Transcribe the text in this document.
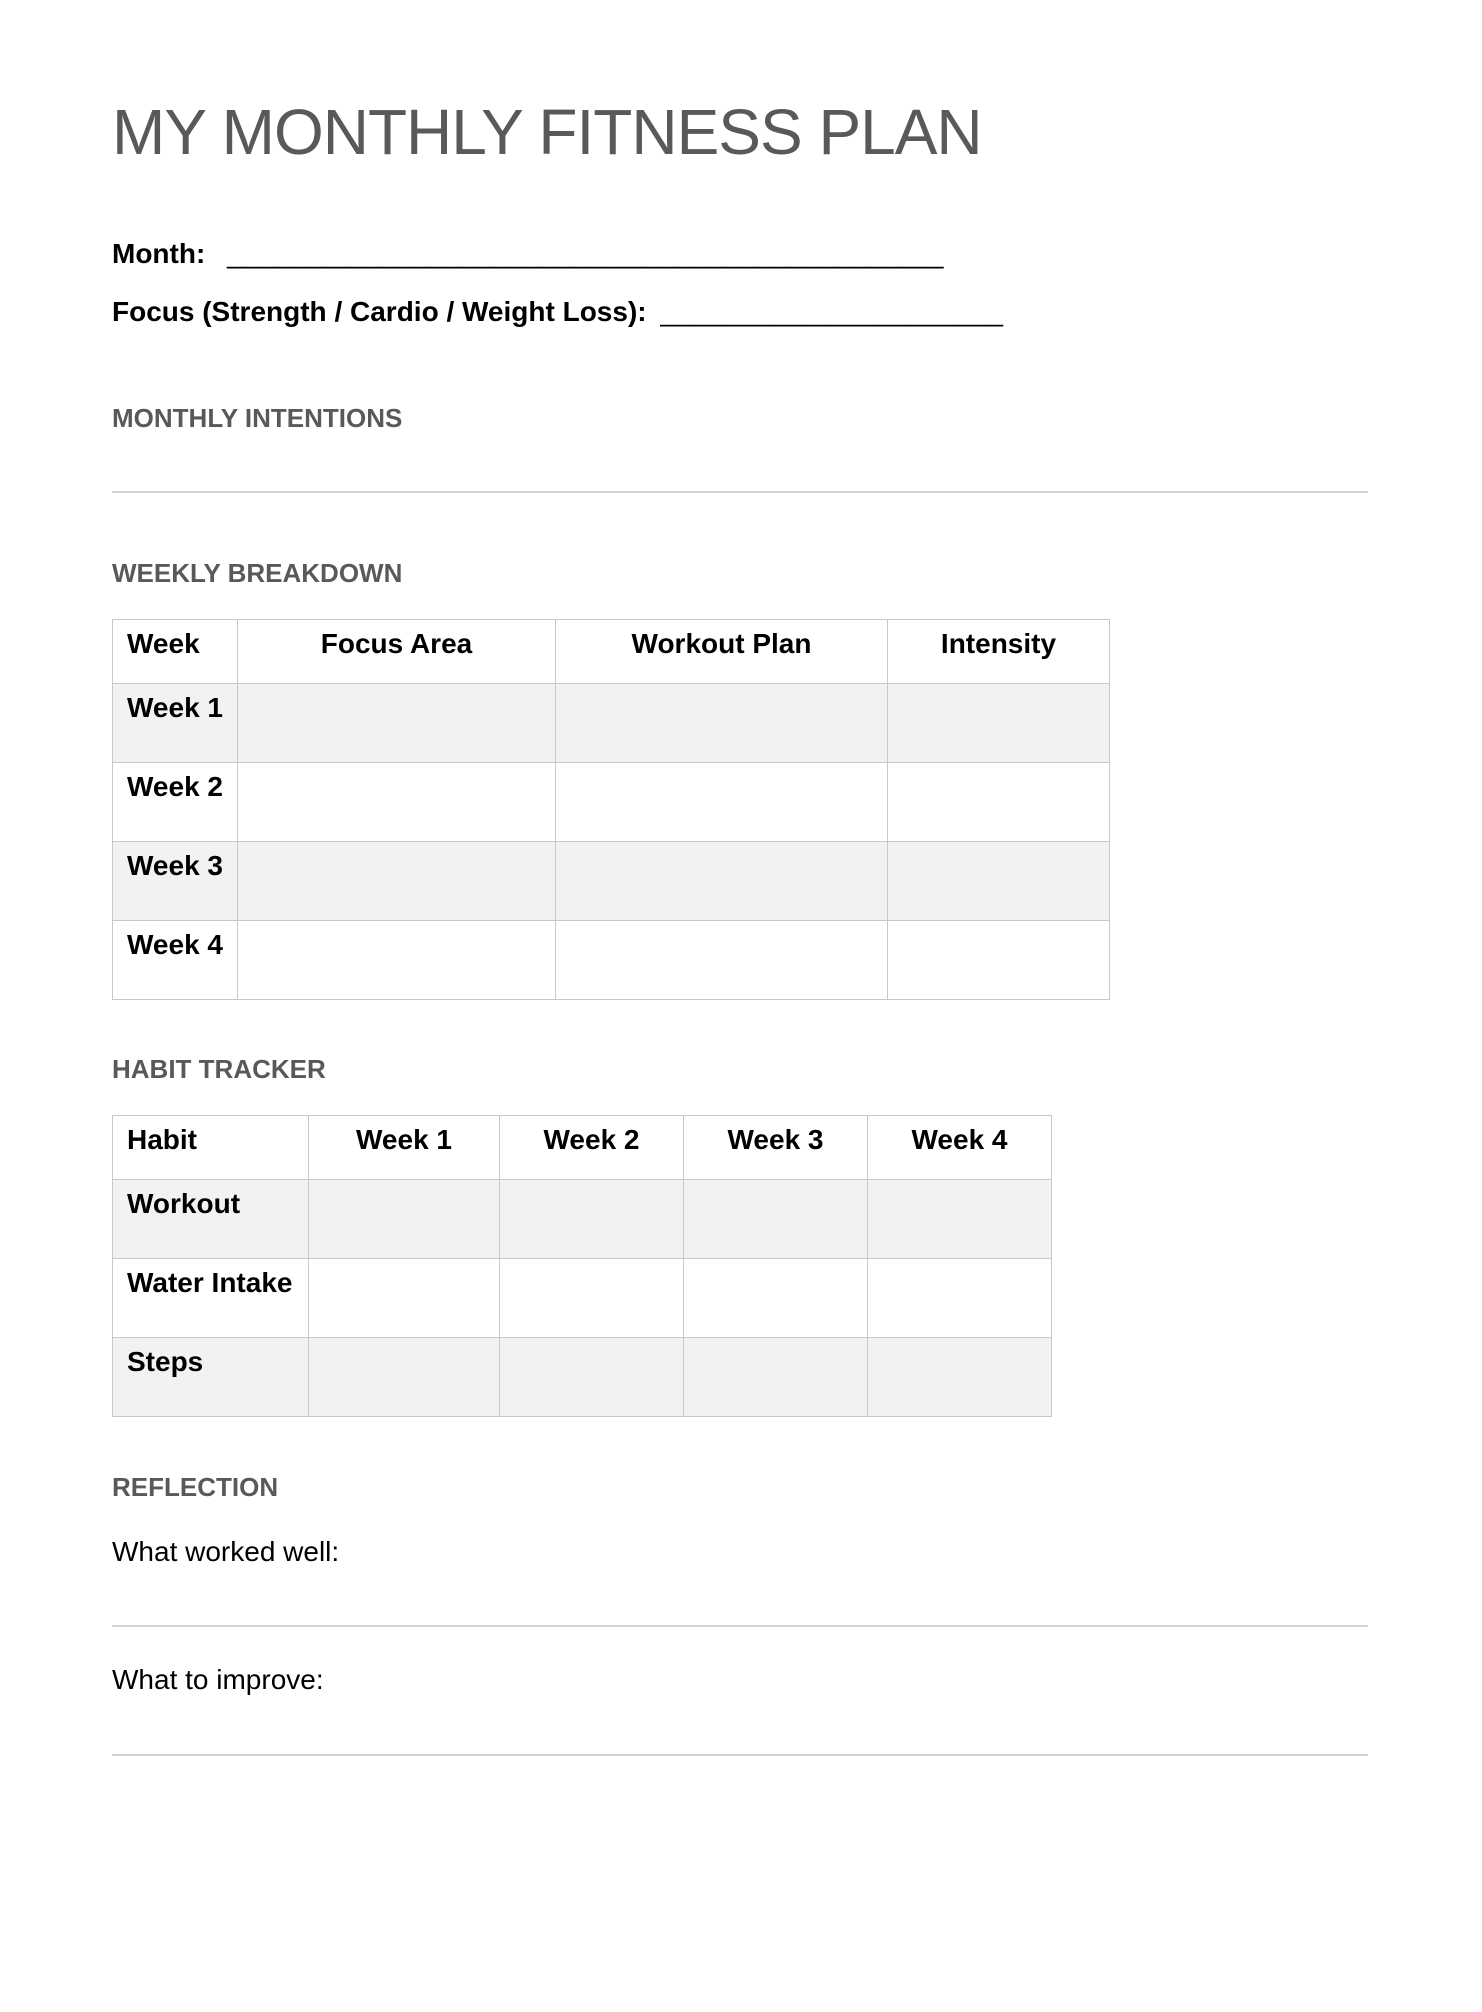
MY MONTHLY FITNESS PLAN
Month: ______________________________________________
Focus (Strength / Cardio / Weight Loss): ______________________
MONTHLY INTENTIONS
WEEKLY BREAKDOWN
Week	Focus Area	Workout Plan	Intensity
Week 1			
Week 2			
Week 3			
Week 4			
HABIT TRACKER
Habit	Week 1	Week 2	Week 3	Week 4
Workout				
Water Intake				
Steps				
REFLECTION
What worked well:
What to improve:
